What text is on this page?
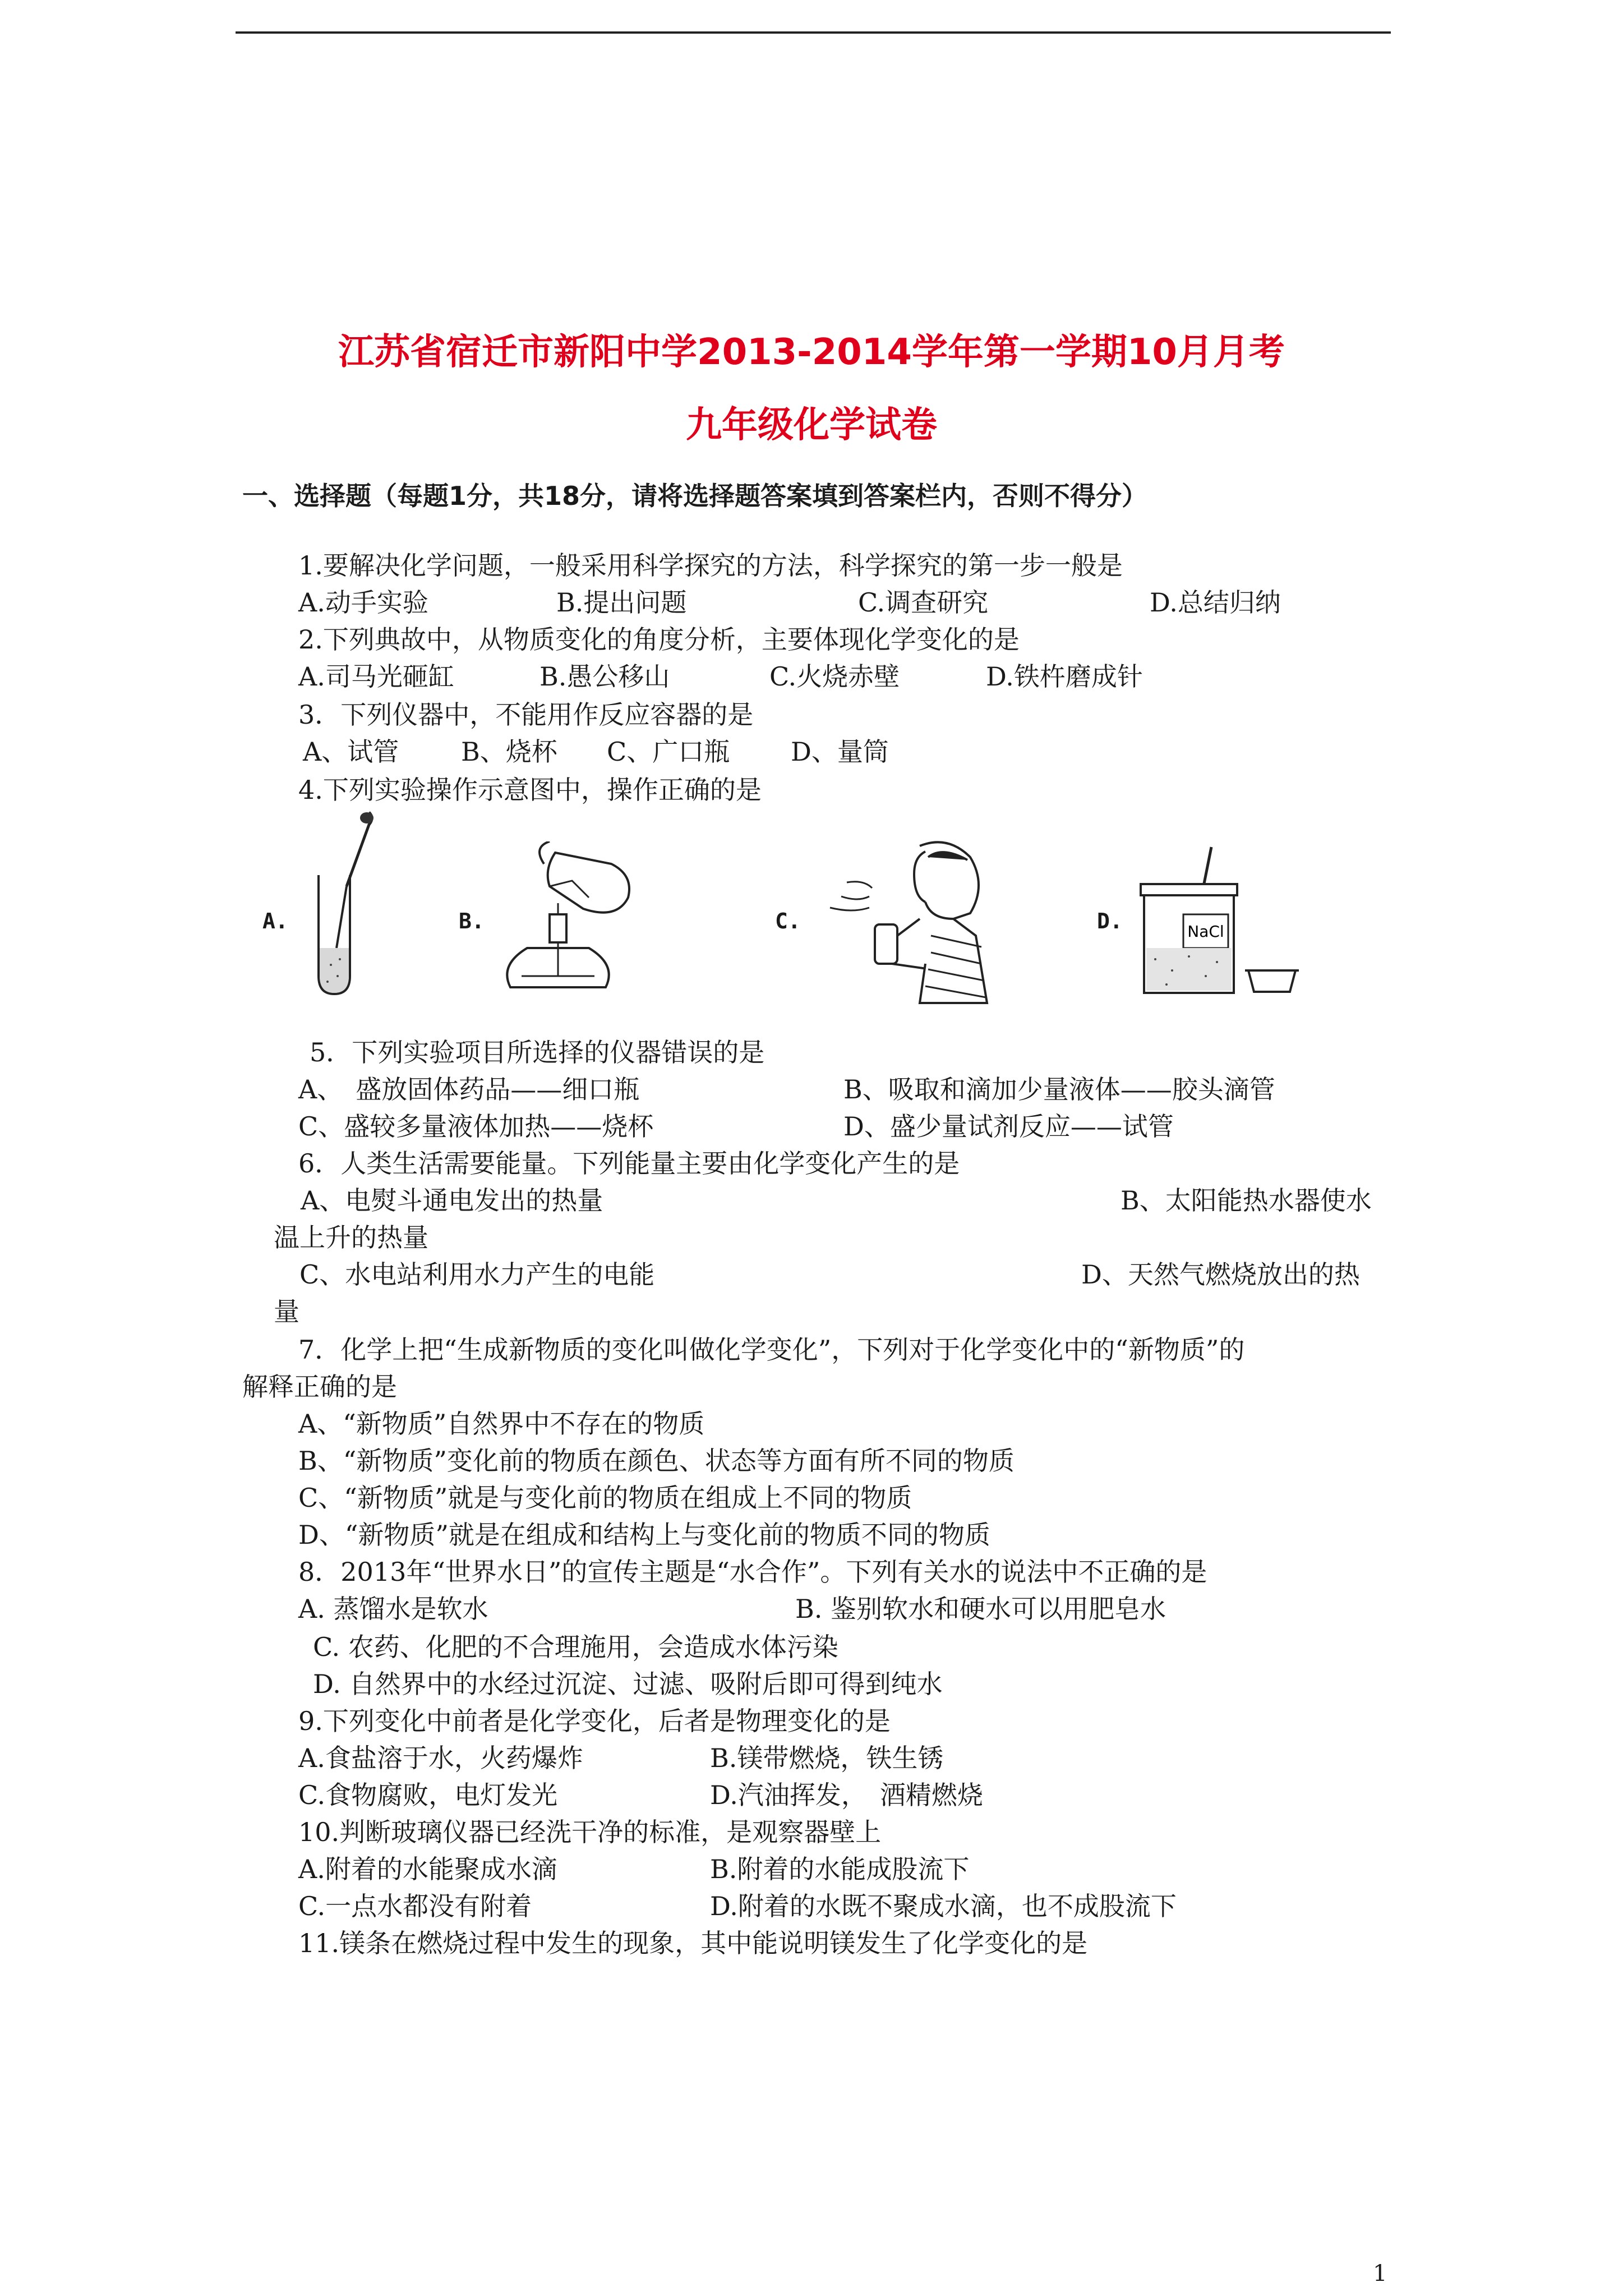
江苏省宿迁市新阳中学2013-2014学年第一学期10月月考
九年级化学试卷
一、选择题（每题1分，共18分，请将选择题答案填到答案栏内，否则不得分）
1.要解决化学问题，一般采用科学探究的方法，科学探究的第一步一般是
A.动手实验	B.提出问题	C.调查研究	D.总结归纳
2.下列典故中，从物质变化的角度分析，主要体现化学变化的是
A.司马光砸缸	B.愚公移山	C.火烧赤壁	D.铁杵磨成针
3．下列仪器中，不能用作反应容器的是
A、试管 B、烧杯 C、广口瓶 D、量筒
4.下列实验操作示意图中，操作正确的是
A.	B.	C.	D.	NaCl
5．下列实验项目所选择的仪器错误的是
A、　盛放固体药品——细口瓶	B、吸取和滴加少量液体——胶头滴管
C、盛较多量液体加热——烧杯	D、盛少量试剂反应——试管
6．人类生活需要能量。下列能量主要由化学变化产生的是
A、电熨斗通电发出的热量	B、太阳能热水器使水
温上升的热量
C、水电站利用水力产生的电能	D、天然气燃烧放出的热
量
7．化学上把“生成新物质的变化叫做化学变化”，下列对于化学变化中的“新物质”的
解释正确的是
A、“新物质”自然界中不存在的物质
B、“新物质”变化前的物质在颜色、状态等方面有所不同的物质
C、“新物质”就是与变化前的物质在组成上不同的物质
D、“新物质”就是在组成和结构上与变化前的物质不同的物质
8．2013年“世界水日”的宣传主题是“水合作”。下列有关水的说法中不正确的是
A. 蒸馏水是软水	B. 鉴别软水和硬水可以用肥皂水
C. 农药、化肥的不合理施用，会造成水体污染
D. 自然界中的水经过沉淀、过滤、吸附后即可得到纯水
9.下列变化中前者是化学变化，后者是物理变化的是
A.食盐溶于水，火药爆炸	B.镁带燃烧，铁生锈
C.食物腐败，电灯发光	D.汽油挥发，　酒精燃烧
10.判断玻璃仪器已经洗干净的标准，是观察器壁上
A.附着的水能聚成水滴	B.附着的水能成股流下
C.一点水都没有附着	D.附着的水既不聚成水滴，也不成股流下
11.镁条在燃烧过程中发生的现象，其中能说明镁发生了化学变化的是
1
